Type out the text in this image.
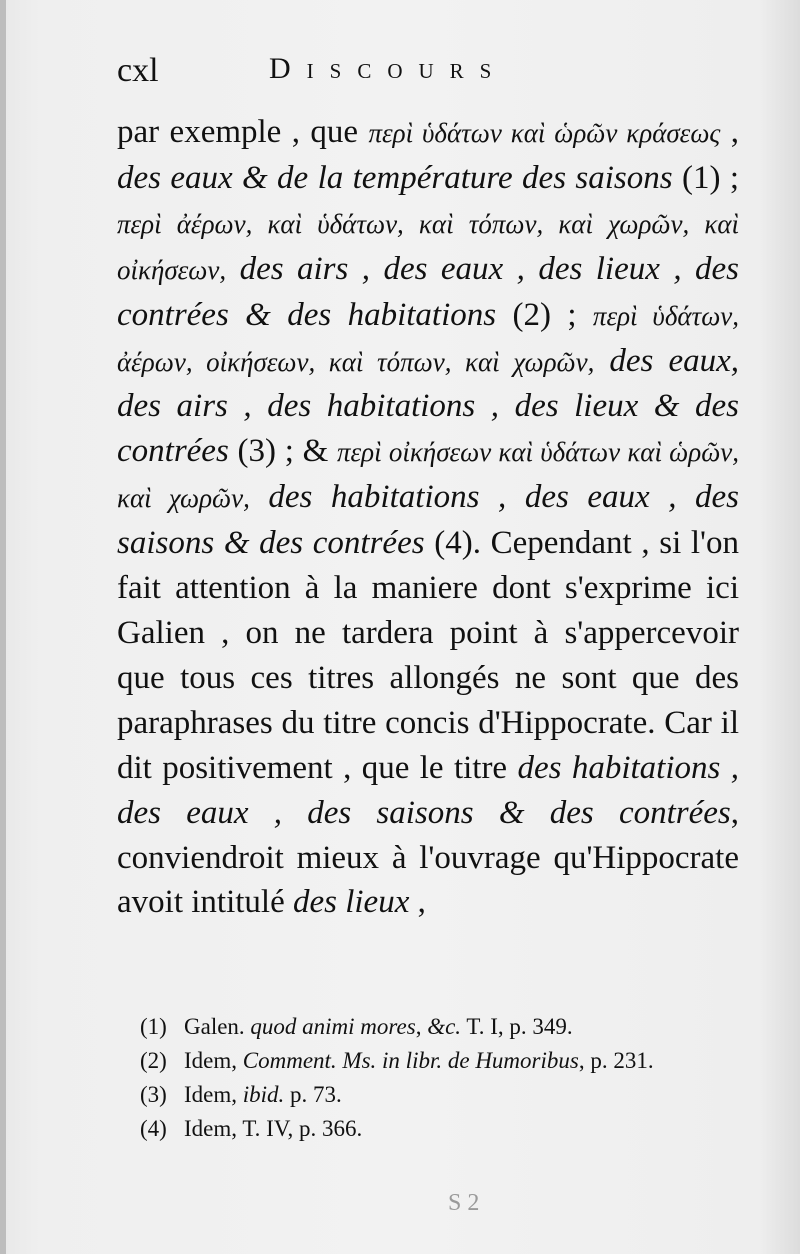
cxl	Discours

par exemple , que περὶ ὑδάτων καὶ ὡρῶν κράσεως , des eaux & de la température des saisons (1) ; περὶ ἀέρων, καὶ ὑδάτων, καὶ τόπων, καὶ χωρῶν, καὶ οἰκήσεων, des airs , des eaux , des lieux , des contrées & des habitations (2) ; περὶ ὑδάτων, ἀέρων, οἰκήσεων, καὶ τόπων, καὶ χωρῶν, des eaux, des airs , des habitations , des lieux & des contrées (3) ; & περὶ οἰκήσεων καὶ ὑδάτων καὶ ὡρῶν, καὶ χωρῶν, des habitations , des eaux , des saisons & des contrées (4). Cependant , si l'on fait attention à la maniere dont s'exprime ici Galien , on ne tardera point à s'appercevoir que tous ces titres allongés ne sont que des paraphrases du titre concis d'Hippocrate. Car il dit positivement , que le titre des habitations , des eaux , des saisons & des contrées, conviendroit mieux à l'ouvrage qu'Hippocrate avoit intitulé des lieux ,

(1) Galen. quod animi mores, &c. T. I, p. 349.
(2) Idem, Comment. Ms. in libr. de Humoribus, p. 231.
(3) Idem, ibid. p. 73.
(4) Idem, T. IV, p. 366.
S 2
